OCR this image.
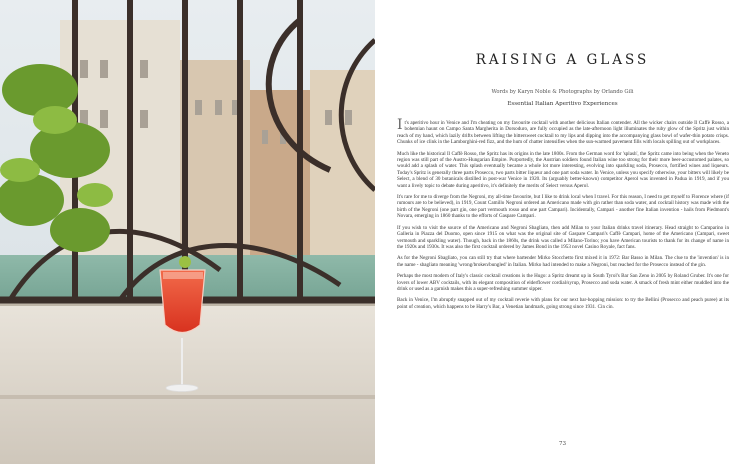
RAISING A GLASS
Words by Karyn Noble & Photographs by Orlando Gili
Essential Italian Aperitivo Experiences

It's aperitivo hour in Venice and I'm cheating on my favourite cocktail with another delicious Italian contender. All the wicker chairs outside Il Caffè Rosso, a bohemian haunt on Campo Santa Margherita in Dorsoduro, are fully occupied as the late-afternoon light illuminates the ruby glow of the Spritz just within reach of my hand, which lazily drifts between lifting the bittersweet cocktail to my lips and dipping into the accompanying glass bowl of wafer-thin potato crisps. Chunks of ice clink in the Lamborghini-red fizz, and the hum of chatter intensifies when the sun-warmed pavement fills with locals spilling out of workplaces.

Much like the historical Il Caffè Rosso, the Spritz has its origins in the late 1800s. From the German word for 'splash', the Spritz came into being when the Veneto region was still part of the Austro-Hungarian Empire. Purportedly, the Austrian soldiers found Italian wine too strong for their more beer-accustomed palates, so would add a splash of water. This splash eventually became a whole lot more interesting, evolving into sparkling soda, Prosecco, fortified wines and liqueurs. Today's Spritz is generally three parts Prosecco, two parts bitter liqueur and one part soda water. In Venice, unless you specify otherwise, your bitters will likely be Select, a blend of 30 botanicals distilled in post-war Venice in 1920. Its (arguably better-known) competitor Aperol was invented in Padua in 1919, and if you want a lively topic to debate during aperitivo, it's definitely the merits of Select versus Aperol.

It's rare for me to diverge from the Negroni, my all-time favourite, but I like to drink local when I travel. For this reason, I need to get myself to Florence where (if rumours are to be believed), in 1919, Count Camillo Negroni ordered an Americano made with gin rather than soda water, and cocktail history was made with the birth of the Negroni (one part gin, one part vermouth rosso and one part Campari). Incidentally, Campari - another fine Italian invention - hails from Piedmont's Novara, emerging in 1860 thanks to the efforts of Gaspare Campari.

If you wish to visit the source of the Americano and Negroni Sbagliato, then add Milan to your Italian drinks travel itinerary. Head straight to Camparino in Galleria in Piazza del Duomo, open since 1915 on what was the original site of Gaspare Campari's Caffè Campari, home of the Americano (Campari, sweet vermouth and sparkling water). Though, back in the 1860s, the drink was called a Milano-Torino; you have American tourists to thank for its change of name in the 1920s and 1930s. It was also the first cocktail ordered by James Bond in the 1953 novel Casino Royale, fact fans.

As for the Negroni Sbagliato, you can still try that where bartender Mirko Stocchetto first mixed it in 1972: Bar Basso in Milan. The clue to the 'invention' is in the name - sbagliato meaning 'wrong/broken/bungled' in Italian. Mirko had intended to make a Negroni, but reached for the Prosecco instead of the gin.

Perhaps the most modern of Italy's classic cocktail creations is the Hugo: a Spritz dreamt up in South Tyrol's Bar San Zeno in 2005 by Roland Gruber. It's one for lovers of lower ABV cocktails, with its elegant composition of elderflower cordial/syrup, Prosecco and soda water. A smack of fresh mint either muddled into the drink or used as a garnish makes this a super-refreshing summer sipper.

Back in Venice, I'm abruptly snapped out of my cocktail reverie with plans for our next bar-hopping mission: to try the Bellini (Prosecco and peach puree) at its point of creation, which happens to be Harry's Bar, a Venetian landmark, going strong since 1931. Cin cin.

73
